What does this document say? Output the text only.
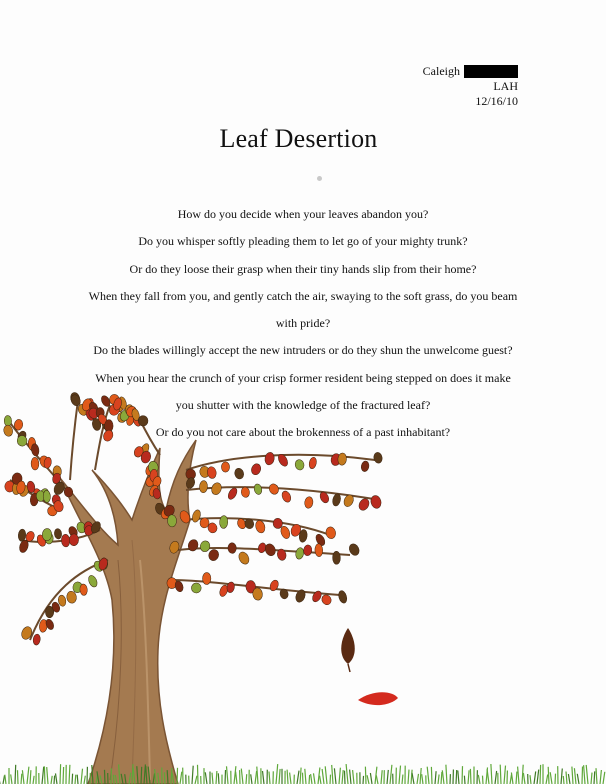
Caleigh
LAH
12/16/10
Leaf Desertion
How do you decide when your leaves abandon you?
Do you whisper softly pleading them to let go of your mighty trunk?
Or do they loose their grasp when their tiny hands slip from their home?
When they fall from you, and gently catch the air, swaying to the soft grass, do you beam
with pride?
Do the blades willingly accept the new intruders or do they shun the unwelcome guest?
When you hear the crunch of your crisp former resident being stepped on does it make
you shutter with the knowledge of the fractured leaf?
Or do you not care about the brokenness of a past inhabitant?
